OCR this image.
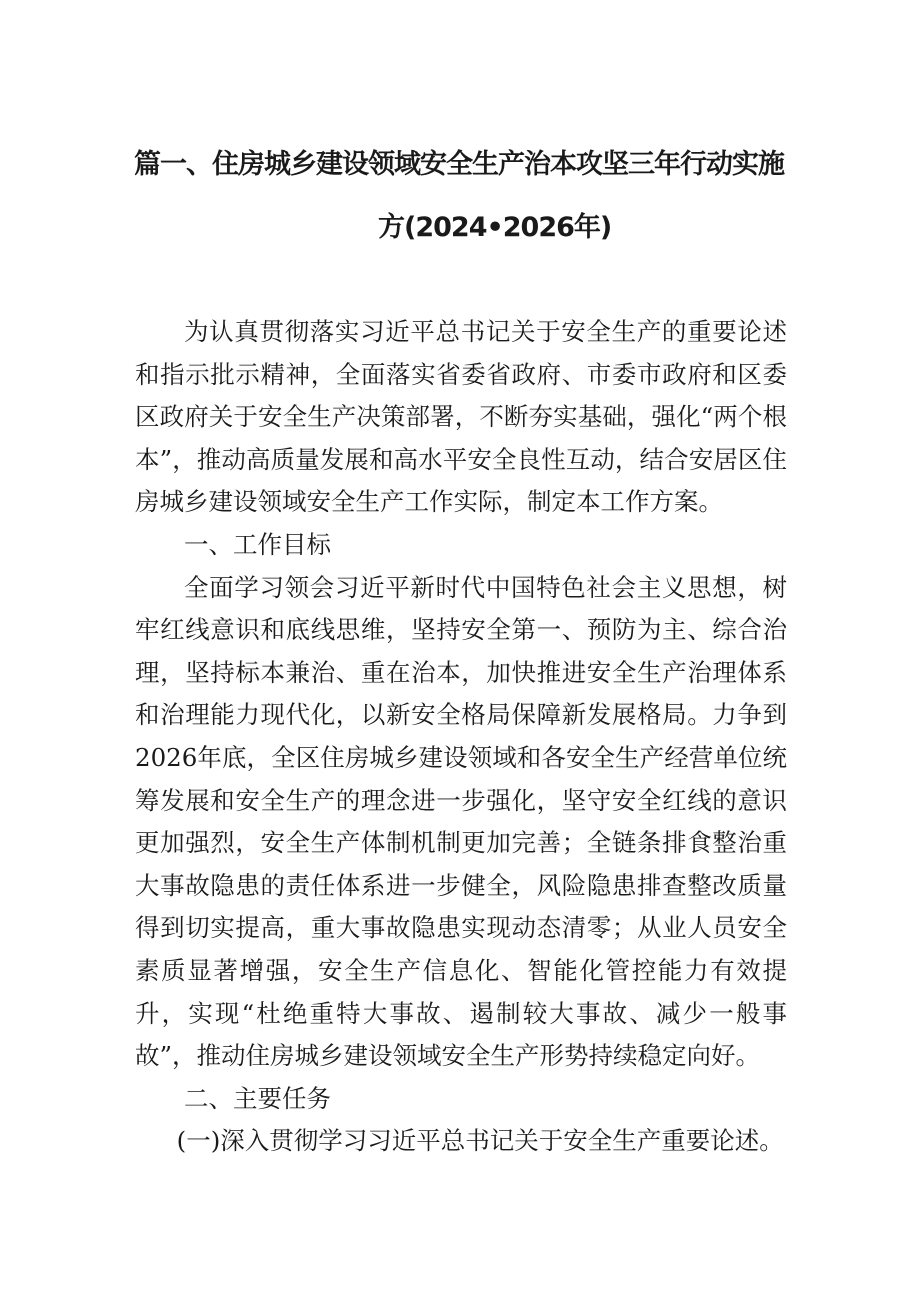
篇一、住房城乡建设领域安全生产治本攻坚三年行动实施
方(2024•2026年)

为认真贯彻落实习近平总书记关于安全生产的重要论述和指示批示精神，全面落实省委省政府、市委市政府和区委区政府关于安全生产决策部署，不断夯实基础，强化“两个根本”，推动高质量发展和高水平安全良性互动，结合安居区住房城乡建设领域安全生产工作实际，制定本工作方案。

一、工作目标

全面学习领会习近平新时代中国特色社会主义思想，树牢红线意识和底线思维，坚持安全第一、预防为主、综合治理，坚持标本兼治、重在治本，加快推进安全生产治理体系和治理能力现代化，以新安全格局保障新发展格局。力争到2026年底，全区住房城乡建设领域和各安全生产经营单位统筹发展和安全生产的理念进一步强化，坚守安全红线的意识更加强烈，安全生产体制机制更加完善；全链条排食整治重大事故隐患的责任体系进一步健全，风险隐患排查整改质量得到切实提高，重大事故隐患实现动态清零；从业人员安全素质显著增强，安全生产信息化、智能化管控能力有效提升，实现“杜绝重特大事故、遏制较大事故、减少一般事故”，推动住房城乡建设领域安全生产形势持续稳定向好。

二、主要任务

(一)深入贯彻学习习近平总书记关于安全生产重要论述。
